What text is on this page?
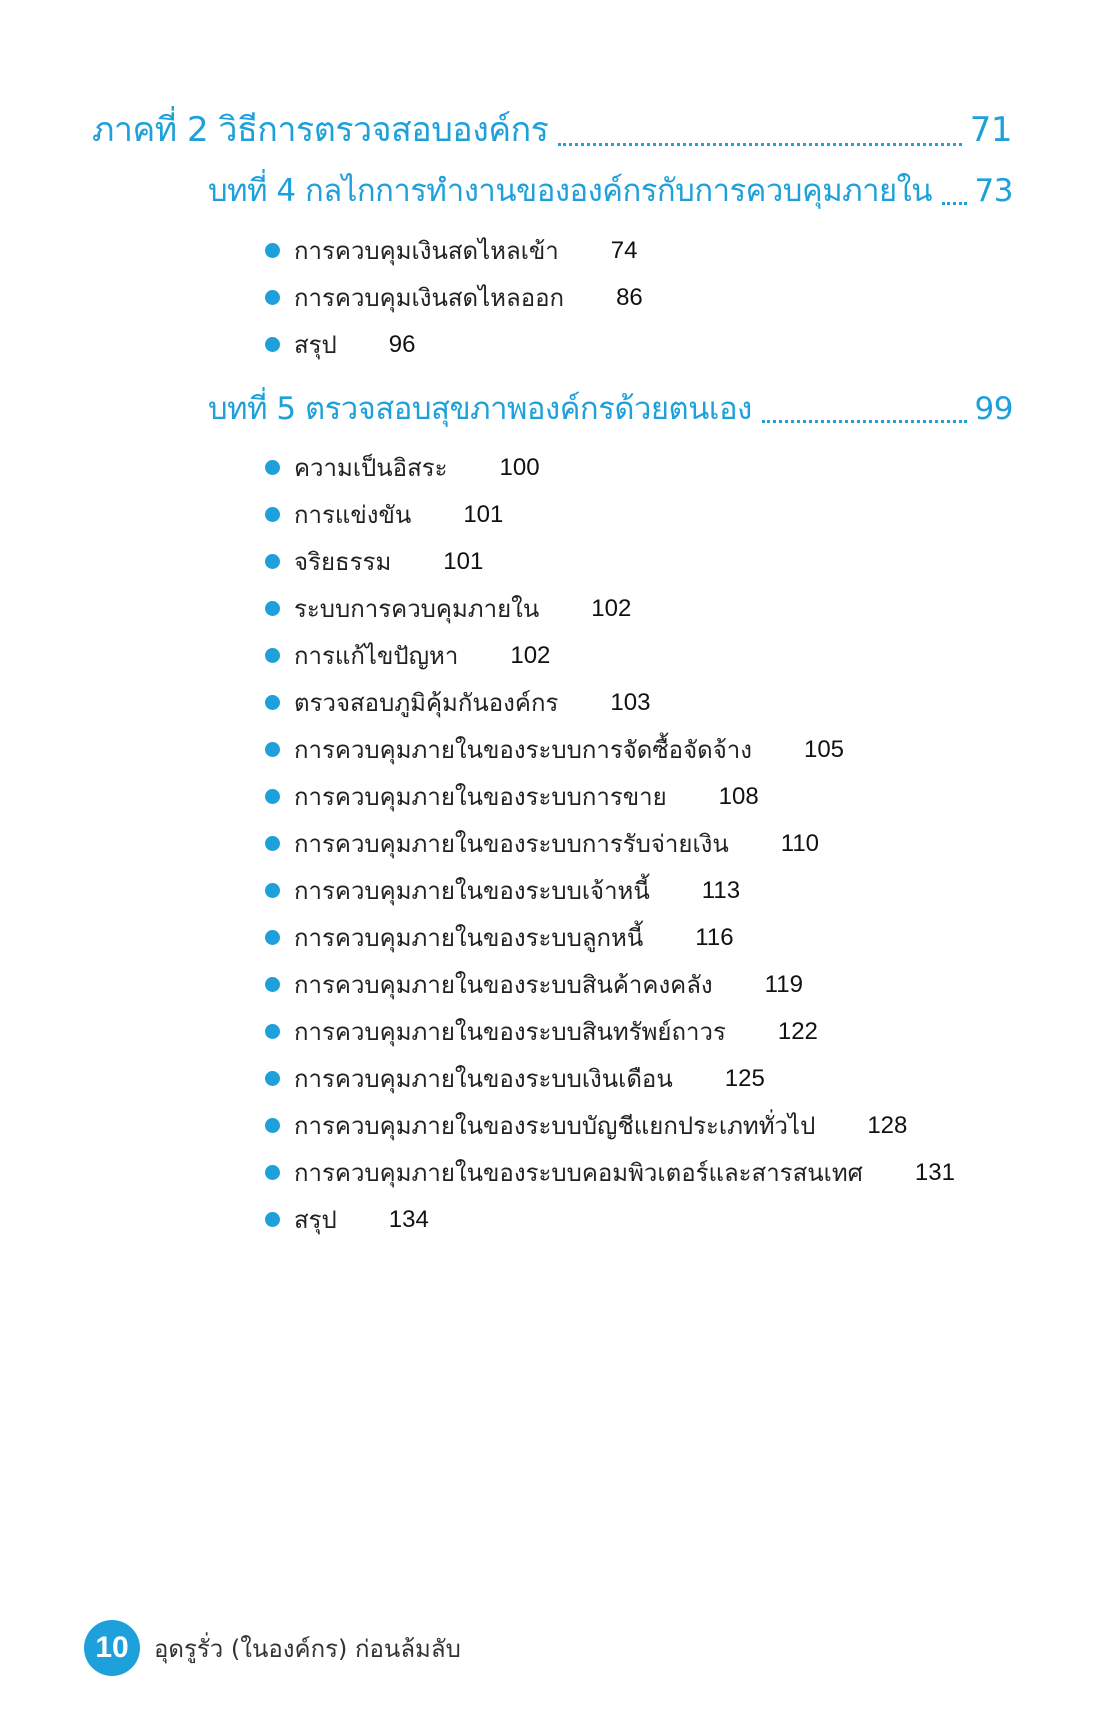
ภาคที่ 2 วิธีการตรวจสอบองค์กร	71
บทที่ 4 กลไกการทำงานขององค์กรกับการควบคุมภายใน 73
การควบคุมเงินสดไหลเข้า 74
การควบคุมเงินสดไหลออก 86
สรุป 96
บทที่ 5 ตรวจสอบสุขภาพองค์กรด้วยตนเอง	99
ความเป็นอิสระ 100
การแข่งขัน 101
จริยธรรม 101
ระบบการควบคุมภายใน 102
การแก้ไขปัญหา 102
ตรวจสอบภูมิคุ้มกันองค์กร 103
การควบคุมภายในของระบบการจัดซื้อจัดจ้าง 105
การควบคุมภายในของระบบการขาย 108
การควบคุมภายในของระบบการรับจ่ายเงิน 110
การควบคุมภายในของระบบเจ้าหนี้ 113
การควบคุมภายในของระบบลูกหนี้ 116
การควบคุมภายในของระบบสินค้าคงคลัง 119
การควบคุมภายในของระบบสินทรัพย์ถาวร 122
การควบคุมภายในของระบบเงินเดือน 125
การควบคุมภายในของระบบบัญชีแยกประเภททั่วไป 128
การควบคุมภายในของระบบคอมพิวเตอร์และสารสนเทศ 131
สรุป 134
10	อุดรูรั่ว (ในองค์กร) ก่อนล้มลับ
